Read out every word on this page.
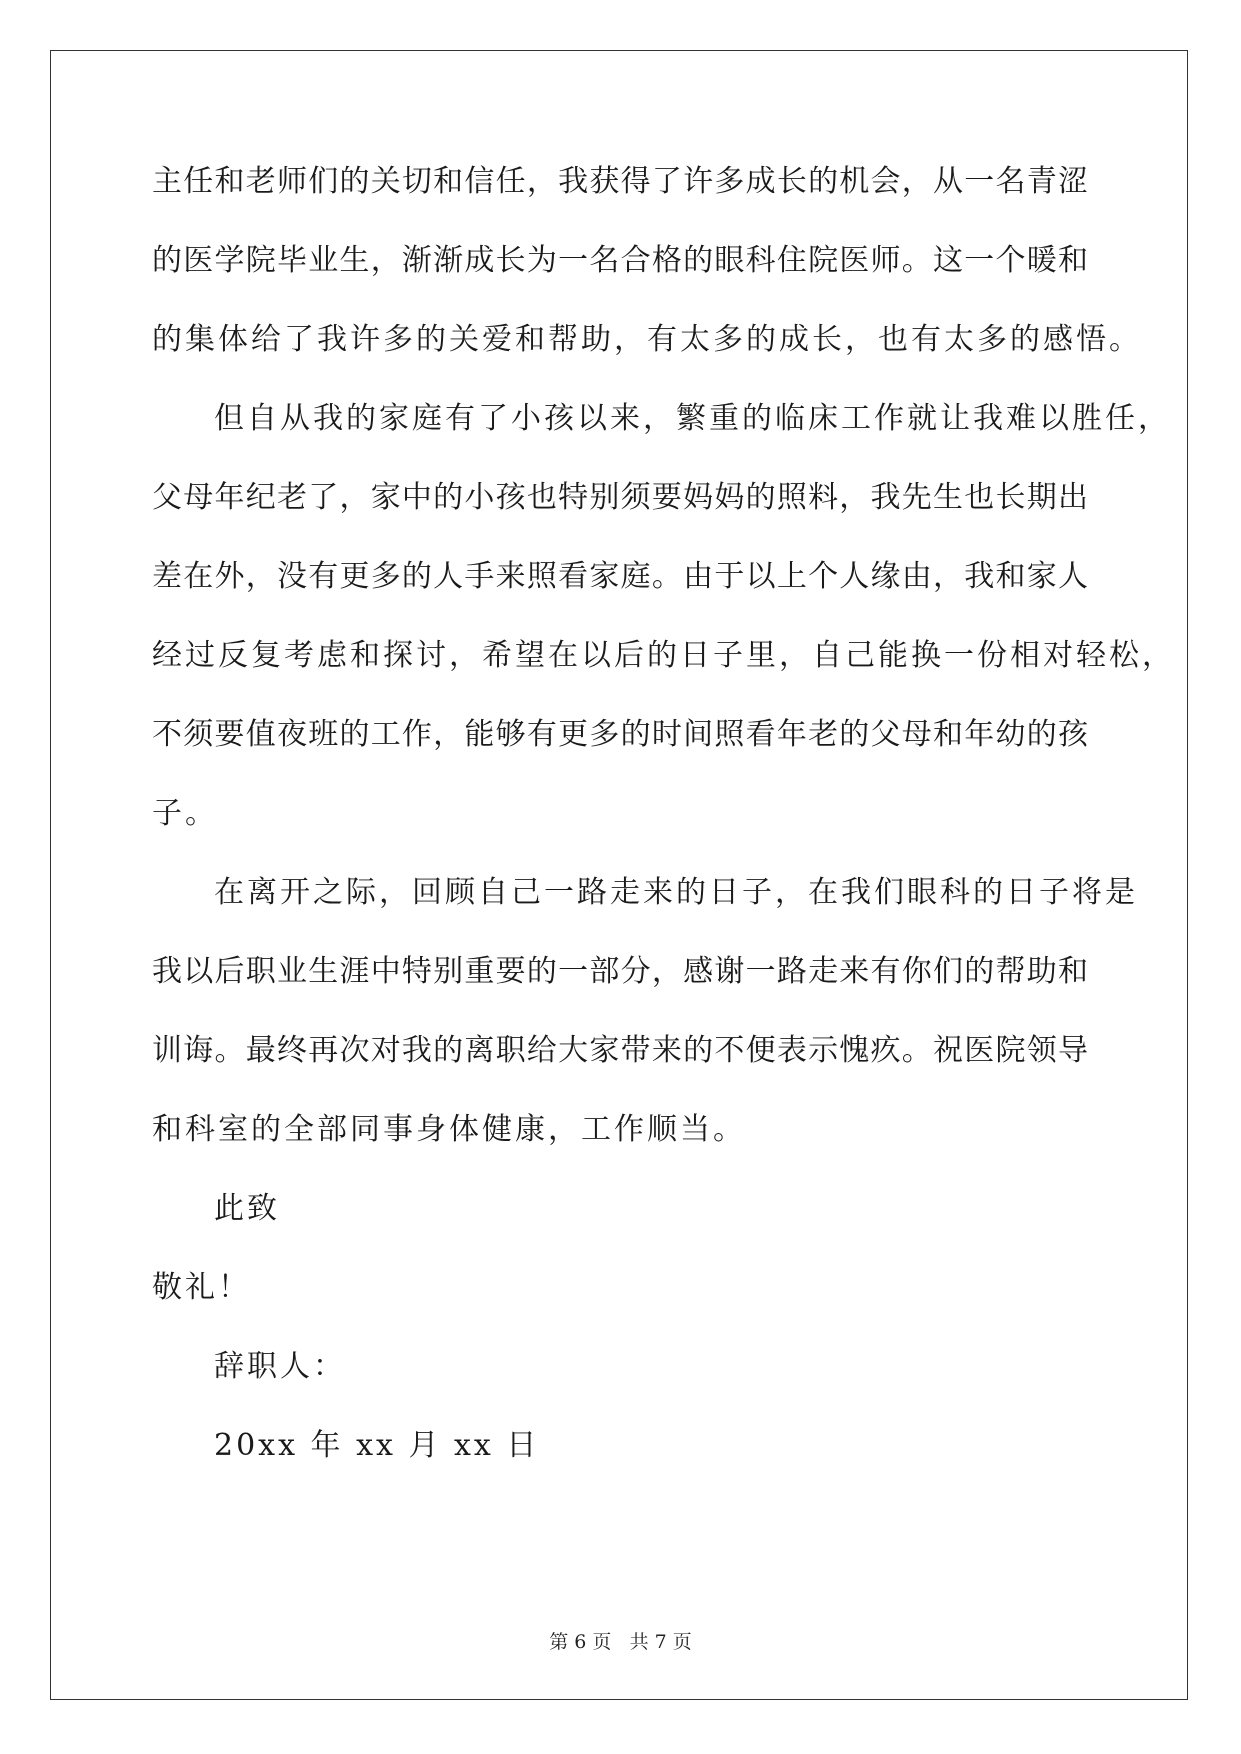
主任和老师们的关切和信任，我获得了许多成长的机会，从一名青涩
的医学院毕业生，渐渐成长为一名合格的眼科住院医师。这一个暖和
的集体给了我许多的关爱和帮助，有太多的成长，也有太多的感悟。
但自从我的家庭有了小孩以来，繁重的临床工作就让我难以胜任，
父母年纪老了，家中的小孩也特别须要妈妈的照料，我先生也长期出
差在外，没有更多的人手来照看家庭。由于以上个人缘由，我和家人
经过反复考虑和探讨，希望在以后的日子里，自己能换一份相对轻松，
不须要值夜班的工作，能够有更多的时间照看年老的父母和年幼的孩
子。
在离开之际，回顾自己一路走来的日子，在我们眼科的日子将是
我以后职业生涯中特别重要的一部分，感谢一路走来有你们的帮助和
训诲。最终再次对我的离职给大家带来的不便表示愧疚。祝医院领导
和科室的全部同事身体健康，工作顺当。
此致
敬礼！
辞职人：
20xx 年 xx 月 xx 日
第 6 页 共 7 页
